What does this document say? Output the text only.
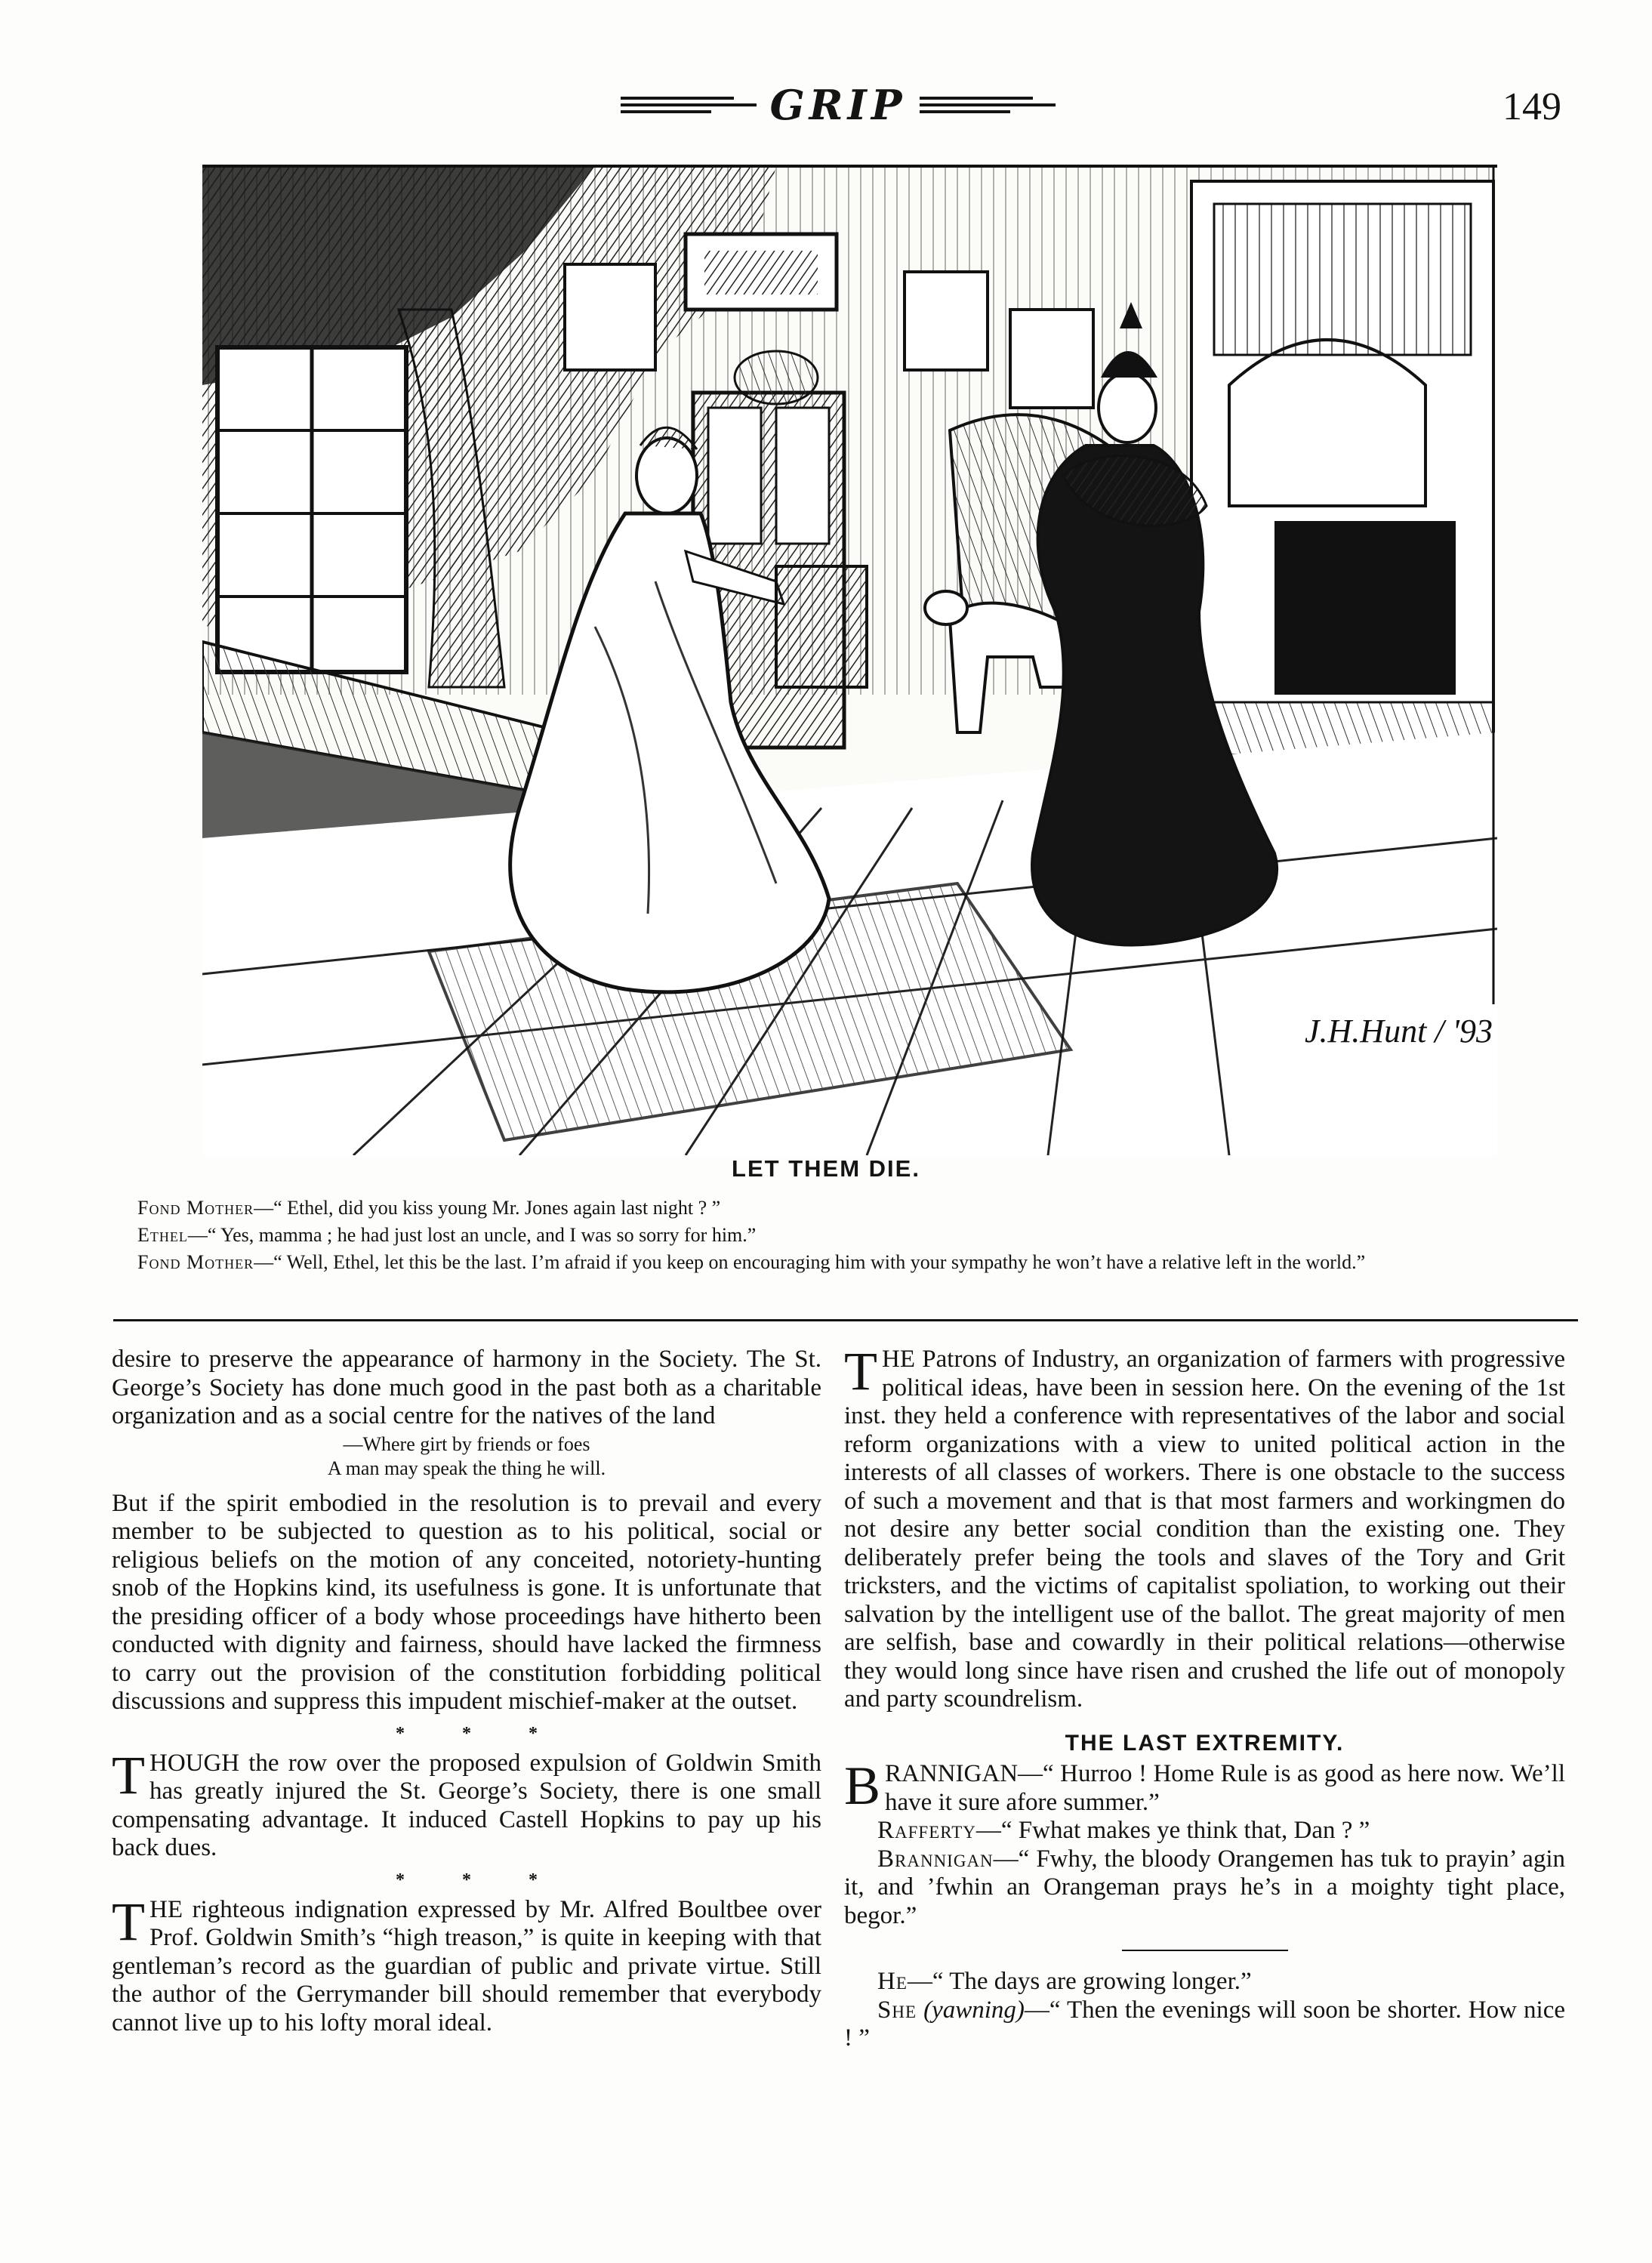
GRIP	149
J.H.Hunt / '93
LET THEM DIE.

Fond Mother—“ Ethel, did you kiss young Mr. Jones again last night ? ”

Ethel—“ Yes, mamma ; he had just lost an uncle, and I was so sorry for him.”

Fond Mother—“ Well, Ethel, let this be the last. I’m afraid if you keep on encouraging him with your sympathy he won’t have a relative left in the world.”

desire to preserve the appearance of harmony in the Society. The St. George’s Society has done much good in the past both as a charitable organization and as a social centre for the natives of the land

—Where girt by friends or foes
A man may speak the thing he will.

But if the spirit embodied in the resolution is to prevail and every member to be subjected to question as to his political, social or religious beliefs on the motion of any conceited, notoriety-hunting snob of the Hopkins kind, its usefulness is gone. It is unfortunate that the presiding officer of a body whose proceedings have hitherto been conducted with dignity and fairness, should have lacked the firmness to carry out the provision of the constitution forbidding political discussions and suppress this impudent mischief-maker at the outset.

* * *

THOUGH the row over the proposed expulsion of Goldwin Smith has greatly injured the St. George’s Society, there is one small compensating advantage. It induced Castell Hopkins to pay up his back dues.

* * *

THE righteous indignation expressed by Mr. Alfred Boultbee over Prof. Goldwin Smith’s “high treason,” is quite in keeping with that gentleman’s record as the guardian of public and private virtue. Still the author of the Gerrymander bill should remember that everybody cannot live up to his lofty moral ideal.

THE Patrons of Industry, an organization of farmers with progressive political ideas, have been in session here. On the evening of the 1st inst. they held a conference with representatives of the labor and social reform organizations with a view to united political action in the interests of all classes of workers. There is one obstacle to the success of such a movement and that is that most farmers and workingmen do not desire any better social condition than the existing one. They deliberately prefer being the tools and slaves of the Tory and Grit tricksters, and the victims of capitalist spoliation, to working out their salvation by the intelligent use of the ballot. The great majority of men are selfish, base and cowardly in their political relations—otherwise they would long since have risen and crushed the life out of monopoly and party scoundrelism.

THE LAST EXTREMITY.

BRANNIGAN—“ Hurroo ! Home Rule is as good as here now. We’ll have it sure afore summer.”

Rafferty—“ Fwhat makes ye think that, Dan ? ”

Brannigan—“ Fwhy, the bloody Orangemen has tuk to prayin’ agin it, and ’fwhin an Orangeman prays he’s in a moighty tight place, begor.”

He—“ The days are growing longer.”

She (yawning)—“ Then the evenings will soon be shorter. How nice ! ”
